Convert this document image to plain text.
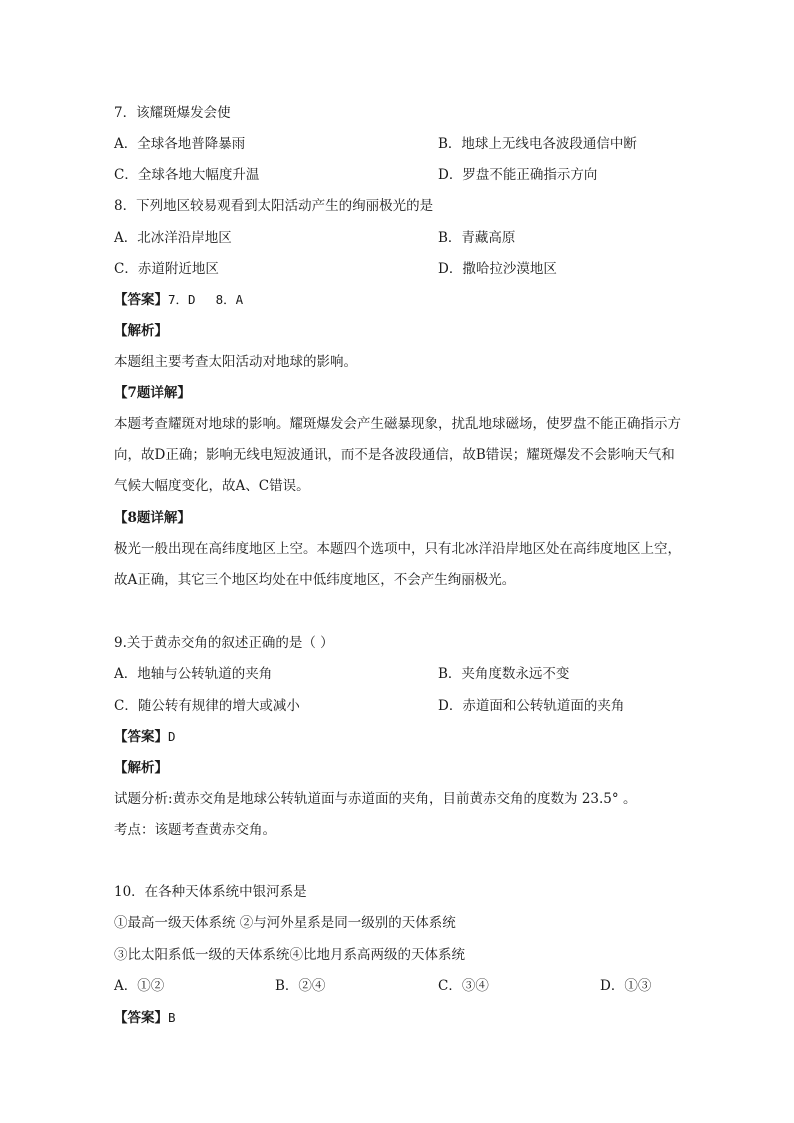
7．该耀斑爆发会使
A．全球各地普降暴雨	B．地球上无线电各波段通信中断
C．全球各地大幅度升温	D．罗盘不能正确指示方向
8．下列地区较易观看到太阳活动产生的绚丽极光的是
A．北冰洋沿岸地区	B．青藏高原
C．赤道附近地区	D．撒哈拉沙漠地区
【答案】7．D　 8．A
【解析】
本题组主要考查太阳活动对地球的影响。
【7题详解】
本题考查耀斑对地球的影响。耀斑爆发会产生磁暴现象，扰乱地球磁场，使罗盘不能正确指示方向，故D正确；影响无线电短波通讯，而不是各波段通信，故B错误；耀斑爆发不会影响天气和气候大幅度变化，故A、C错误。
【8题详解】
极光一般出现在高纬度地区上空。本题四个选项中，只有北冰洋沿岸地区处在高纬度地区上空，故A正确，其它三个地区均处在中低纬度地区，不会产生绚丽极光。
9.关于黄赤交角的叙述正确的是（ ）
A．地轴与公转轨道的夹角	B．夹角度数永远不变
C．随公转有规律的增大或减小	D．赤道面和公转轨道面的夹角
【答案】D
【解析】
试题分析:黄赤交角是地球公转轨道面与赤道面的夹角，目前黄赤交角的度数为 23.5° 。
考点：该题考查黄赤交角。
10．在各种天体系统中银河系是
①最高一级天体系统 ②与河外星系是同一级别的天体系统
③比太阳系低一级的天体系统④比地月系高两级的天体系统
A．①②	B．②④	C．③④	D．①③
【答案】B
